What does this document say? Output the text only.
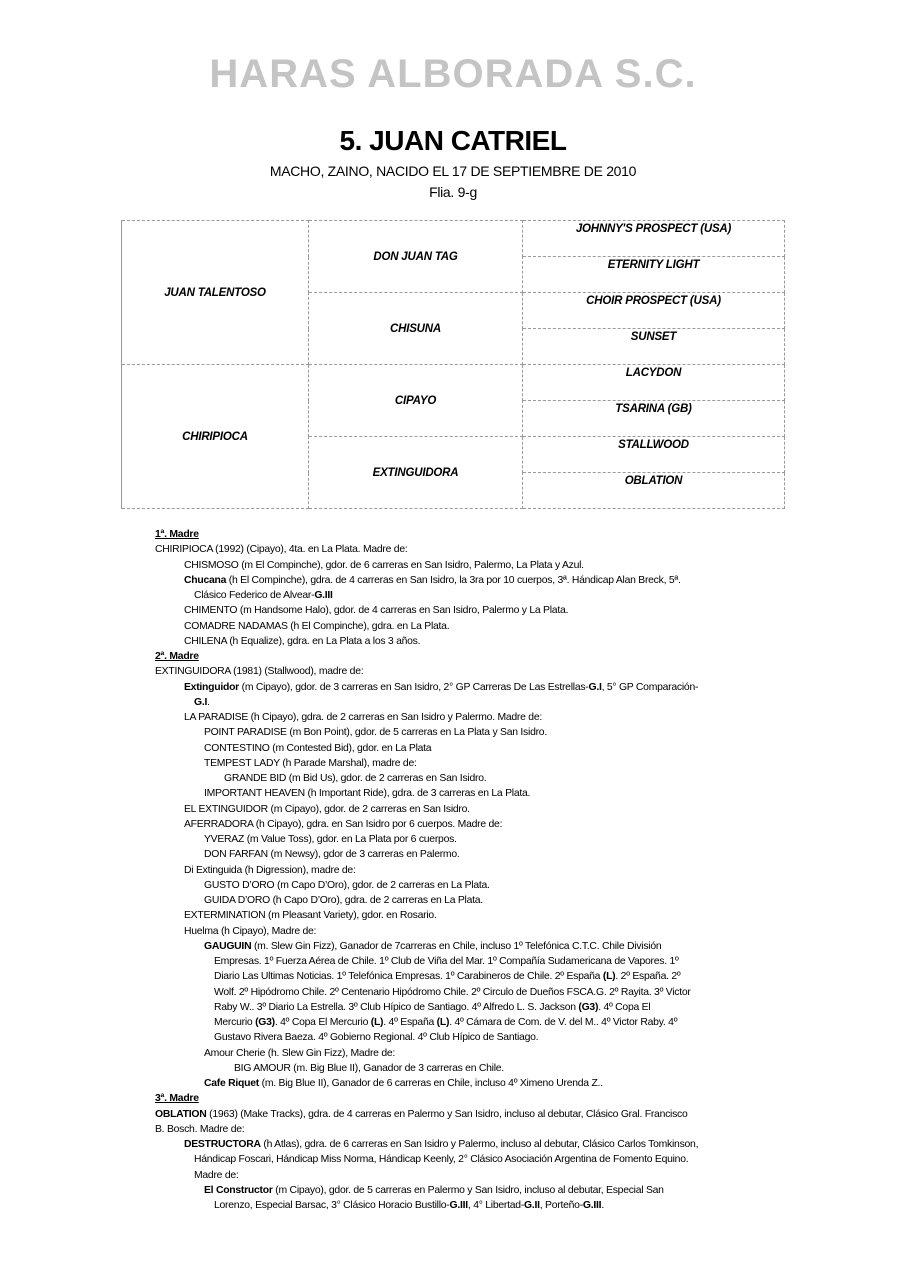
HARAS ALBORADA S.C.
5. JUAN CATRIEL
MACHO, ZAINO, NACIDO EL 17 DE SEPTIEMBRE DE 2010
Flia. 9-g
JUAN TALENTOSO	DON JUAN TAG	JOHNNY'S PROSPECT (USA)
		ETERNITY LIGHT
	CHISUNA	CHOIR PROSPECT (USA)
		SUNSET
CHIRIPIOCA	CIPAYO	LACYDON
		TSARINA (GB)
	EXTINGUIDORA	STALLWOOD
		OBLATION
1ª. Madre
CHIRIPIOCA (1992) (Cipayo), 4ta. en La Plata. Madre de:
CHISMOSO (m El Compinche), gdor. de 6 carreras en San Isidro, Palermo, La Plata y Azul.
Chucana (h El Compinche), gdra. de 4 carreras en San Isidro, la 3ra por 10 cuerpos, 3ª. Hándicap Alan Breck, 5ª.
Clásico Federico de Alvear-G.III
CHIMENTO (m Handsome Halo), gdor. de 4 carreras en San Isidro, Palermo y La Plata.
COMADRE NADAMAS (h El Compinche), gdra. en La Plata.
CHILENA (h Equalize), gdra. en La Plata a los 3 años.
2ª. Madre
EXTINGUIDORA (1981) (Stallwood), madre de:
Extinguidor (m Cipayo), gdor. de 3 carreras en San Isidro, 2° GP Carreras De Las Estrellas-G.I, 5° GP Comparación-
G.I.
LA PARADISE (h Cipayo), gdra. de 2 carreras en San Isidro y Palermo. Madre de:
POINT PARADISE (m Bon Point), gdor. de 5 carreras en La Plata y San Isidro.
CONTESTINO (m Contested Bid), gdor. en La Plata
TEMPEST LADY (h Parade Marshal), madre de:
GRANDE BID (m Bid Us), gdor. de 2 carreras en San Isidro.
IMPORTANT HEAVEN (h Important Ride), gdra. de 3 carreras en La Plata.
EL EXTINGUIDOR (m Cipayo), gdor. de 2 carreras en San Isidro.
AFERRADORA (h Cipayo), gdra. en San Isidro por 6 cuerpos. Madre de:
YVERAZ (m Value Toss), gdor. en La Plata por 6 cuerpos.
DON FARFAN (m Newsy), gdor de 3 carreras en Palermo.
Di Extinguida (h Digression), madre de:
GUSTO D’ORO (m Capo D’Oro), gdor. de 2 carreras en La Plata.
GUIDA D’ORO (h Capo D’Oro), gdra. de 2 carreras en La Plata.
EXTERMINATION (m Pleasant Variety), gdor. en Rosario.
Huelma (h Cipayo), Madre de:
GAUGUIN (m. Slew Gin Fizz), Ganador de 7carreras en Chile, incluso 1º Telefónica C.T.C. Chile División
Empresas. 1º Fuerza Aérea de Chile. 1º Club de Viña del Mar. 1º Compañía Sudamericana de Vapores. 1º
Diario Las Ultimas Noticias. 1º Telefónica Empresas. 1º Carabineros de Chile. 2º España (L). 2º España. 2º
Wolf. 2º Hipódromo Chile. 2º Centenario Hipódromo Chile. 2º Circulo de Dueños FSCA.G. 2º Rayita. 3º Victor
Raby W.. 3º Diario La Estrella. 3º Club Hípico de Santiago. 4º Alfredo L. S. Jackson (G3). 4º Copa El
Mercurio (G3). 4º Copa El Mercurio (L). 4º España (L). 4º Cámara de Com. de V. del M.. 4º Victor Raby. 4º
Gustavo Rivera Baeza. 4º Gobierno Regional. 4º Club Hípico de Santiago.
Amour Cherie (h. Slew Gin Fizz), Madre de:
BIG AMOUR (m. Big Blue II), Ganador de 3 carreras en Chile.
Cafe Riquet (m. Big Blue II), Ganador de 6 carreras en Chile, incluso 4º Ximeno Urenda Z..
3ª. Madre
OBLATION (1963) (Make Tracks), gdra. de 4 carreras en Palermo y San Isidro, incluso al debutar, Clásico Gral. Francisco
B. Bosch. Madre de:
DESTRUCTORA (h Atlas), gdra. de 6 carreras en San Isidro y Palermo, incluso al debutar, Clásico Carlos Tomkinson,
Hándicap Foscari, Hándicap Miss Norma, Hándicap Keenly, 2° Clásico Asociación Argentina de Fomento Equino.
Madre de:
El Constructor (m Cipayo), gdor. de 5 carreras en Palermo y San Isidro, incluso al debutar, Especial San
Lorenzo, Especial Barsac, 3° Clásico Horacio Bustillo-G.III, 4° Libertad-G.II, Porteño-G.III.
